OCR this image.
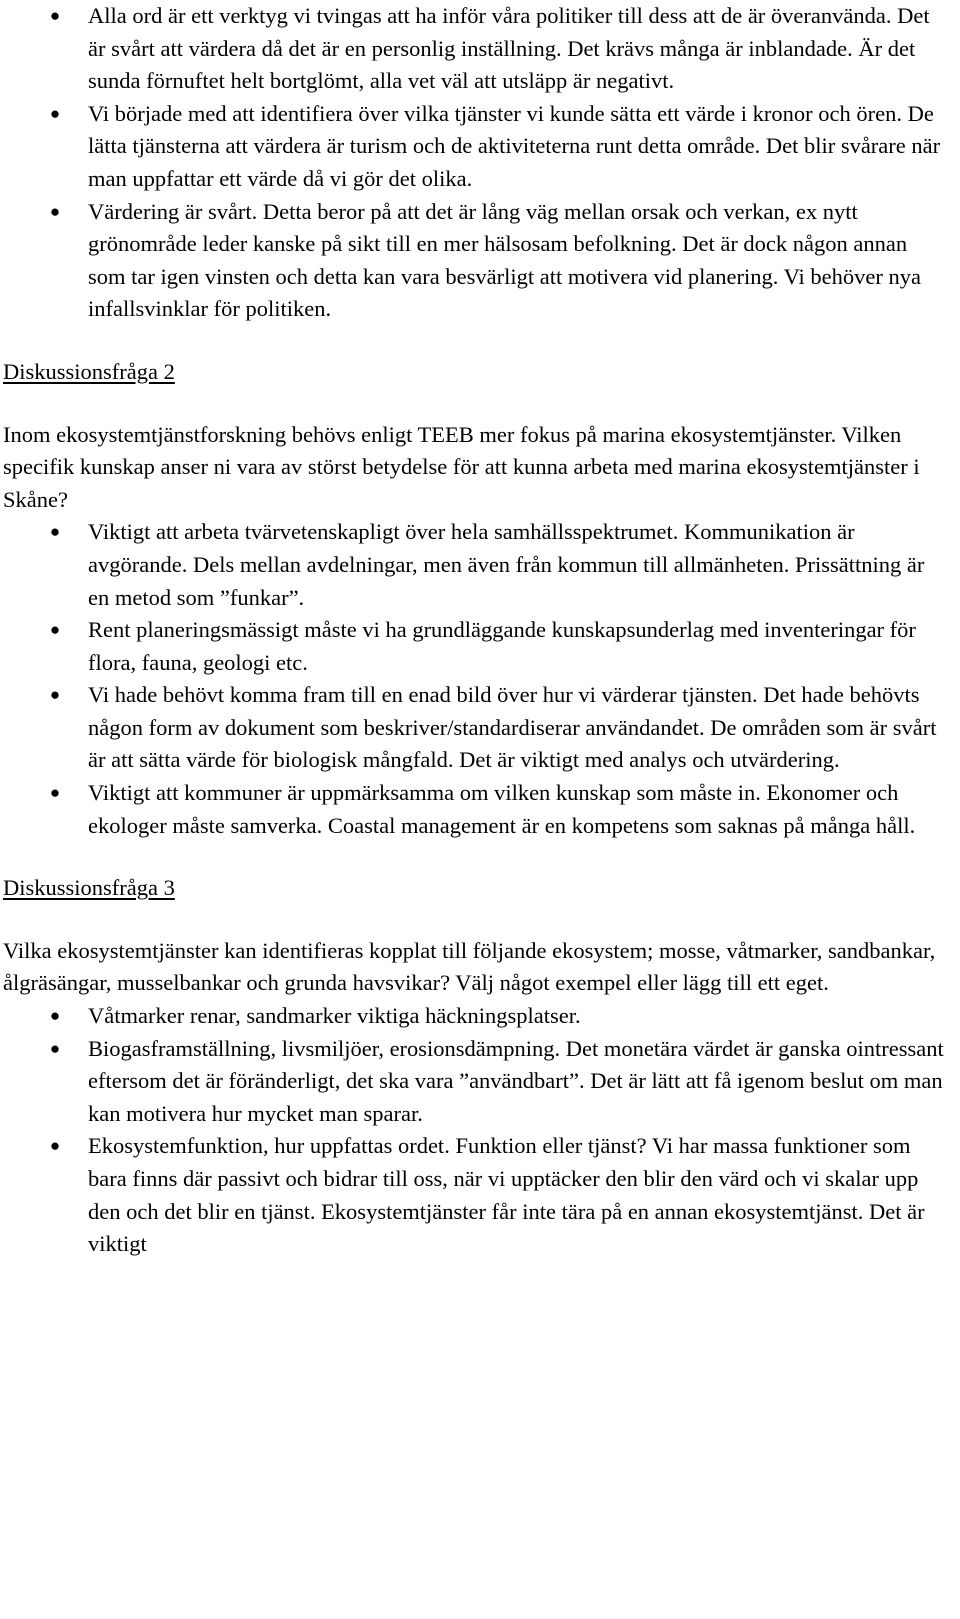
● Alla ord är ett verktyg vi tvingas att ha inför våra politiker till dess att de är överanvända. Det är svårt att värdera då det är en personlig inställning. Det krävs många är inblandade. Är det sunda förnuftet helt bortglömt, alla vet väl att utsläpp är negativt.
● Vi började med att identifiera över vilka tjänster vi kunde sätta ett värde i kronor och ören. De lätta tjänsterna att värdera är turism och de aktiviteterna runt detta område. Det blir svårare när man uppfattar ett värde då vi gör det olika.
● Värdering är svårt. Detta beror på att det är lång väg mellan orsak och verkan, ex nytt grönområde leder kanske på sikt till en mer hälsosam befolkning. Det är dock någon annan som tar igen vinsten och detta kan vara besvärligt att motivera vid planering. Vi behöver nya infallsvinklar för politiken.

Diskussionsfråga 2

Inom ekosystemtjänstforskning behövs enligt TEEB mer fokus på marina ekosystemtjänster. Vilken specifik kunskap anser ni vara av störst betydelse för att kunna arbeta med marina ekosystemtjänster i Skåne?

● Viktigt att arbeta tvärvetenskapligt över hela samhällsspektrumet. Kommunikation är avgörande. Dels mellan avdelningar, men även från kommun till allmänheten. Prissättning är en metod som ”funkar”.
● Rent planeringsmässigt måste vi ha grundläggande kunskapsunderlag med inventeringar för flora, fauna, geologi etc.
● Vi hade behövt komma fram till en enad bild över hur vi värderar tjänsten. Det hade behövts någon form av dokument som beskriver/standardiserar användandet. De områden som är svårt är att sätta värde för biologisk mångfald. Det är viktigt med analys och utvärdering.
● Viktigt att kommuner är uppmärksamma om vilken kunskap som måste in. Ekonomer och ekologer måste samverka. Coastal management är en kompetens som saknas på många håll.

Diskussionsfråga 3

Vilka ekosystemtjänster kan identifieras kopplat till följande ekosystem; mosse, våtmarker, sandbankar, ålgräsängar, musselbankar och grunda havsvikar? Välj något exempel eller lägg till ett eget.

● Våtmarker renar, sandmarker viktiga häckningsplatser.
● Biogasframställning, livsmiljöer, erosionsdämpning. Det monetära värdet är ganska ointressant eftersom det är föränderligt, det ska vara ”användbart”. Det är lätt att få igenom beslut om man kan motivera hur mycket man sparar.
● Ekosystemfunktion, hur uppfattas ordet. Funktion eller tjänst? Vi har massa funktioner som bara finns där passivt och bidrar till oss, när vi upptäcker den blir den värd och vi skalar upp den och det blir en tjänst. Ekosystemtjänster får inte tära på en annan ekosystemtjänst. Det är viktigt
